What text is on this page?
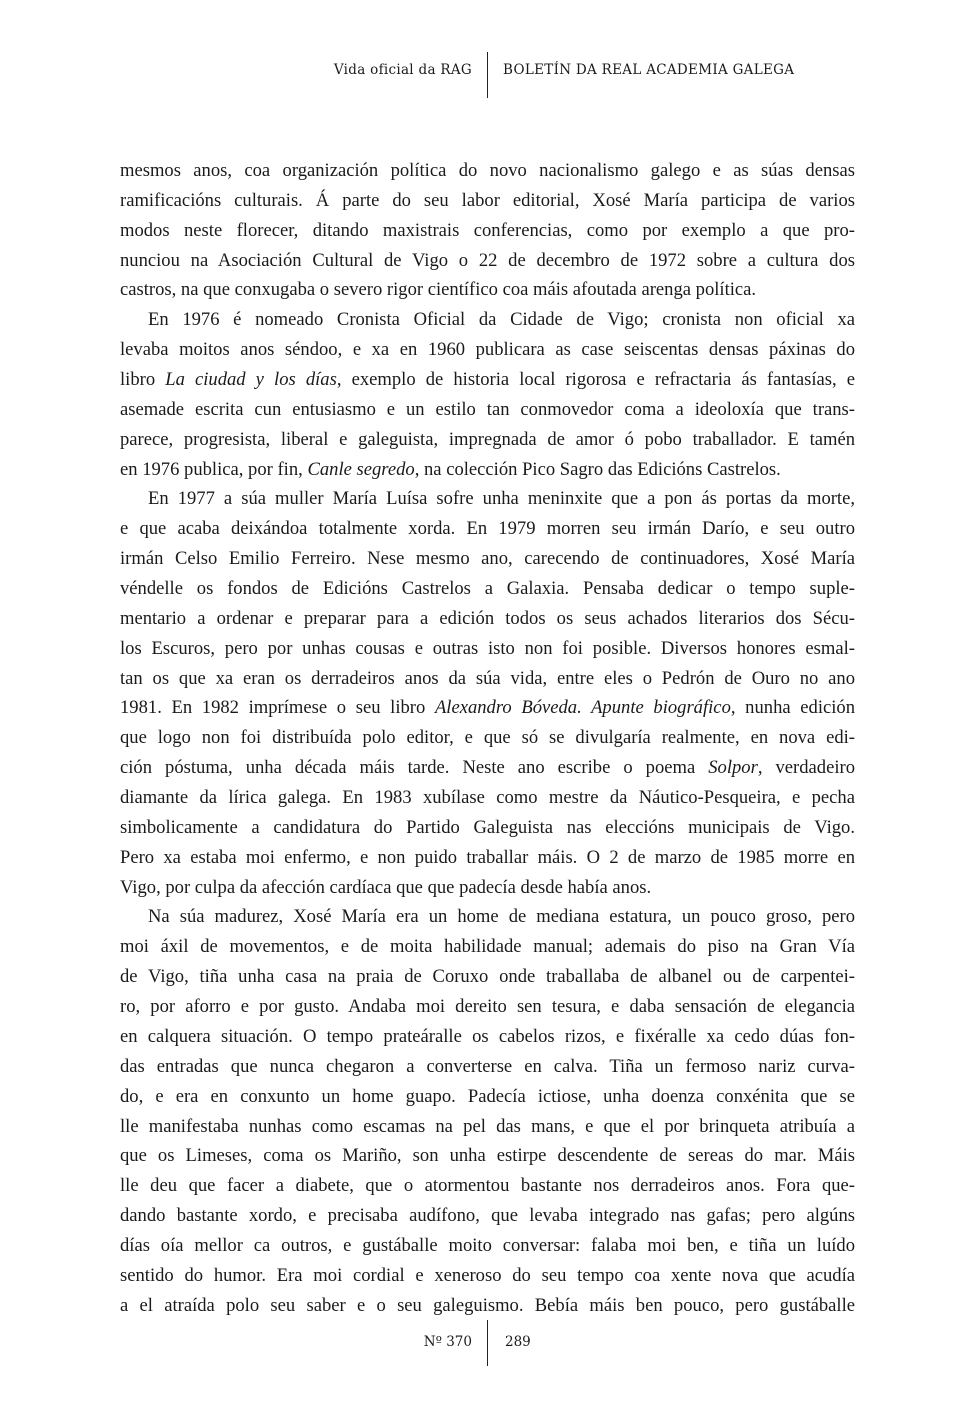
Vida oficial da RAG BOLETÍN DA REAL ACADEMIA GALEGA
mesmos anos, coa organización política do novo nacionalismo galego e as súas densas
ramificacións culturais. Á parte do seu labor editorial, Xosé María participa de varios
modos neste florecer, ditando maxistrais conferencias, como por exemplo a que pro-
nunciou na Asociación Cultural de Vigo o 22 de decembro de 1972 sobre a cultura dos
castros, na que conxugaba o severo rigor científico coa máis afoutada arenga política.
En 1976 é nomeado Cronista Oficial da Cidade de Vigo; cronista non oficial xa
levaba moitos anos séndoo, e xa en 1960 publicara as case seiscentas densas páxinas do
libro La ciudad y los días, exemplo de historia local rigorosa e refractaria ás fantasías, e
asemade escrita cun entusiasmo e un estilo tan conmovedor coma a ideoloxía que trans-
parece, progresista, liberal e galeguista, impregnada de amor ó pobo traballador. E tamén
en 1976 publica, por fin, Canle segredo, na colección Pico Sagro das Edicións Castrelos.
En 1977 a súa muller María Luísa sofre unha meninxite que a pon ás portas da morte,
e que acaba deixándoa totalmente xorda. En 1979 morren seu irmán Darío, e seu outro
irmán Celso Emilio Ferreiro. Nese mesmo ano, carecendo de continuadores, Xosé María
véndelle os fondos de Edicións Castrelos a Galaxia. Pensaba dedicar o tempo suple-
mentario a ordenar e preparar para a edición todos os seus achados literarios dos Sécu-
los Escuros, pero por unhas cousas e outras isto non foi posible. Diversos honores esmal-
tan os que xa eran os derradeiros anos da súa vida, entre eles o Pedrón de Ouro no ano
1981. En 1982 imprímese o seu libro Alexandro Bóveda. Apunte biográfico, nunha edición
que logo non foi distribuída polo editor, e que só se divulgaría realmente, en nova edi-
ción póstuma, unha década máis tarde. Neste ano escribe o poema Solpor, verdadeiro
diamante da lírica galega. En 1983 xubílase como mestre da Náutico-Pesqueira, e pecha
simbolicamente a candidatura do Partido Galeguista nas eleccións municipais de Vigo.
Pero xa estaba moi enfermo, e non puido traballar máis. O 2 de marzo de 1985 morre en
Vigo, por culpa da afección cardíaca que que padecía desde había anos.
Na súa madurez, Xosé María era un home de mediana estatura, un pouco groso, pero
moi áxil de movementos, e de moita habilidade manual; ademais do piso na Gran Vía
de Vigo, tiña unha casa na praia de Coruxo onde traballaba de albanel ou de carpentei-
ro, por aforro e por gusto. Andaba moi dereito sen tesura, e daba sensación de elegancia
en calquera situación. O tempo prateáralle os cabelos rizos, e fixéralle xa cedo dúas fon-
das entradas que nunca chegaron a converterse en calva. Tiña un fermoso nariz curva-
do, e era en conxunto un home guapo. Padecía ictiose, unha doenza conxénita que se
lle manifestaba nunhas como escamas na pel das mans, e que el por brinqueta atribuía a
que os Limeses, coma os Mariño, son unha estirpe descendente de sereas do mar. Máis
lle deu que facer a diabete, que o atormentou bastante nos derradeiros anos. Fora que-
dando bastante xordo, e precisaba audífono, que levaba integrado nas gafas; pero algúns
días oía mellor ca outros, e gustáballe moito conversar: falaba moi ben, e tiña un luído
sentido do humor. Era moi cordial e xeneroso do seu tempo coa xente nova que acudía
a el atraída polo seu saber e o seu galeguismo. Bebía máis ben pouco, pero gustáballe
Nº 370 289
